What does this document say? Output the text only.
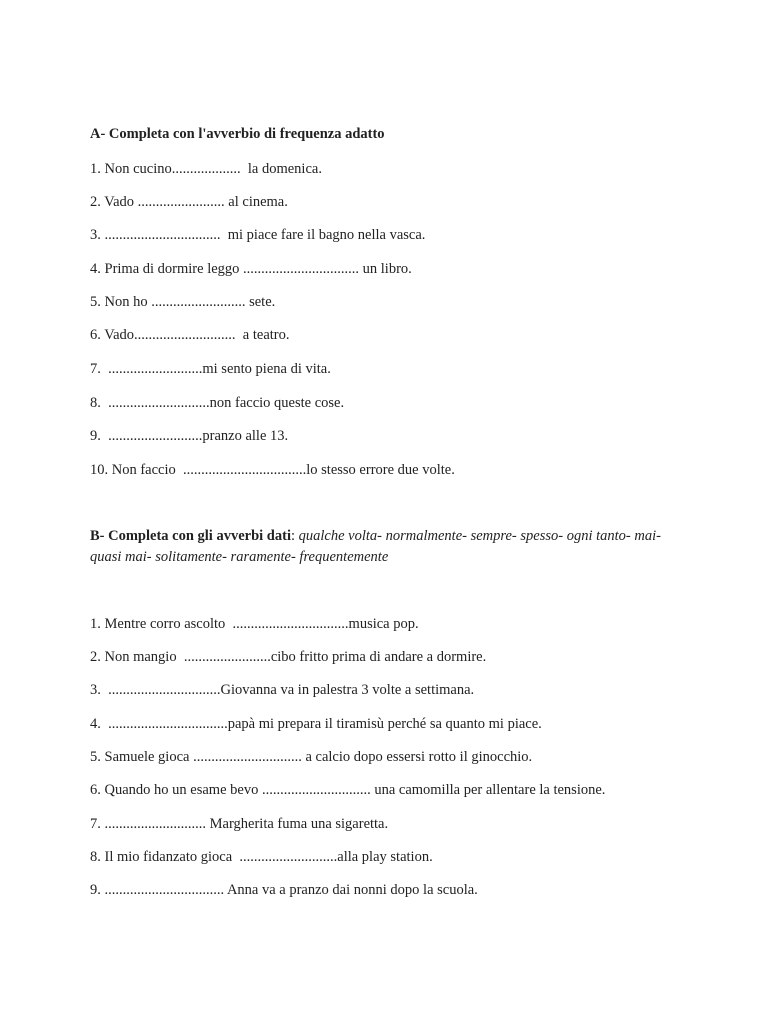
A- Completa con l'avverbio di frequenza adatto
1. Non cucino...................  la domenica.
2. Vado ........................ al cinema.
3. ................................  mi piace fare il bagno nella vasca.
4. Prima di dormire leggo ................................ un libro.
5. Non ho .......................... sete.
6. Vado............................  a teatro.
7.  ..........................mi sento piena di vita.
8.  ............................non faccio queste cose.
9.  ..........................pranzo alle 13.
10. Non faccio  ..................................lo stesso errore due volte.
B- Completa con gli avverbi dati: qualche volta- normalmente- sempre- spesso- ogni tanto- mai- quasi mai- solitamente- raramente- frequentemente
1. Mentre corro ascolto  ................................musica pop.
2. Non mangio  ........................cibo fritto prima di andare a dormire.
3.  ...............................Giovanna va in palestra 3 volte a settimana.
4.  .................................papà mi prepara il tiramisù perché sa quanto mi piace.
5. Samuele gioca .............................. a calcio dopo essersi rotto il ginocchio.
6. Quando ho un esame bevo .............................. una camomilla per allentare la tensione.
7. ............................ Margherita fuma una sigaretta.
8. Il mio fidanzato gioca  ...........................alla play station.
9. ................................. Anna va a pranzo dai nonni dopo la scuola.
